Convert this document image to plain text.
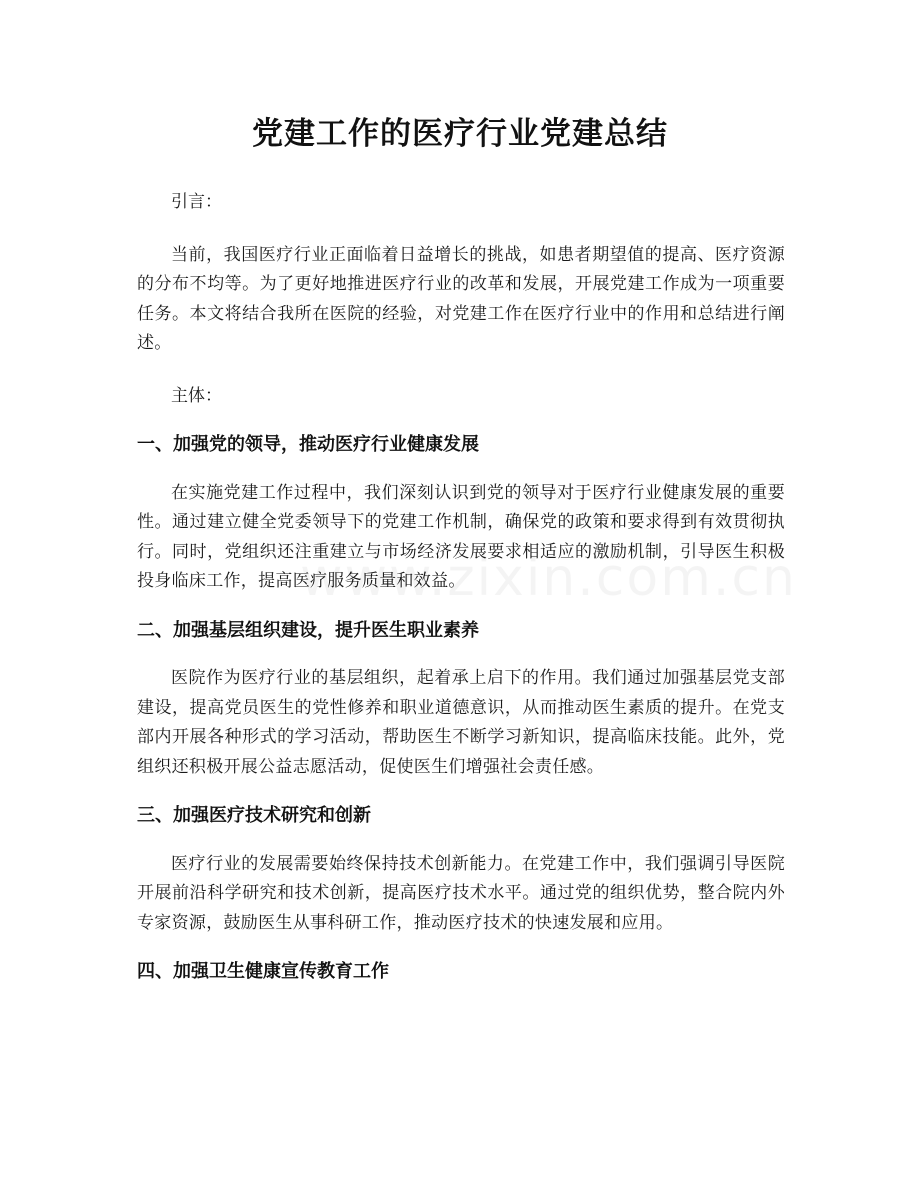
党建工作的医疗行业党建总结

引言：

当前，我国医疗行业正面临着日益增长的挑战，如患者期望值的提高、医疗资源的分布不均等。为了更好地推进医疗行业的改革和发展，开展党建工作成为一项重要任务。本文将结合我所在医院的经验，对党建工作在医疗行业中的作用和总结进行阐述。

主体：

一、加强党的领导，推动医疗行业健康发展

在实施党建工作过程中，我们深刻认识到党的领导对于医疗行业健康发展的重要性。通过建立健全党委领导下的党建工作机制，确保党的政策和要求得到有效贯彻执行。同时，党组织还注重建立与市场经济发展要求相适应的激励机制，引导医生积极投身临床工作，提高医疗服务质量和效益。

二、加强基层组织建设，提升医生职业素养

医院作为医疗行业的基层组织，起着承上启下的作用。我们通过加强基层党支部建设，提高党员医生的党性修养和职业道德意识，从而推动医生素质的提升。在党支部内开展各种形式的学习活动，帮助医生不断学习新知识，提高临床技能。此外，党组织还积极开展公益志愿活动，促使医生们增强社会责任感。

三、加强医疗技术研究和创新

医疗行业的发展需要始终保持技术创新能力。在党建工作中，我们强调引导医院开展前沿科学研究和技术创新，提高医疗技术水平。通过党的组织优势，整合院内外专家资源，鼓励医生从事科研工作，推动医疗技术的快速发展和应用。

四、加强卫生健康宣传教育工作
